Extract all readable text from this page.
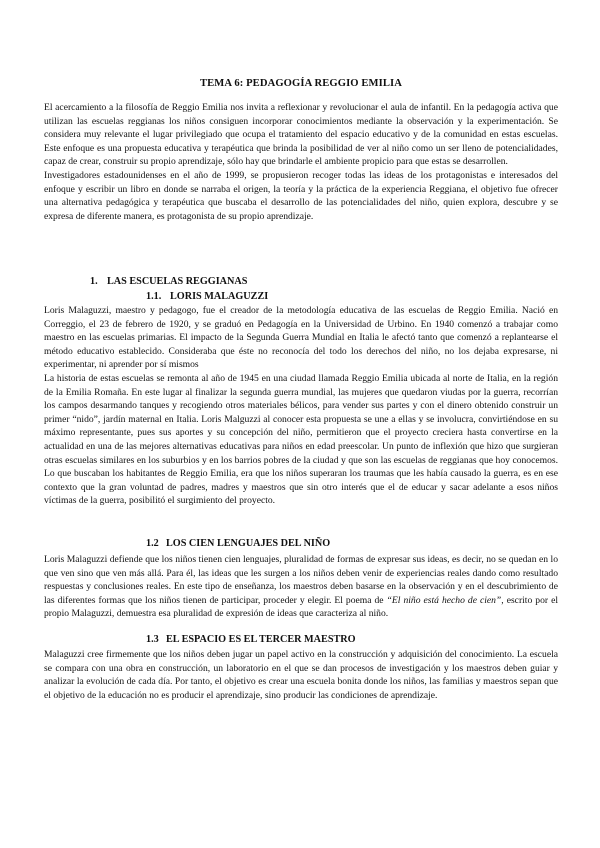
TEMA 6: PEDAGOGÍA REGGIO EMILIA

El acercamiento a la filosofía de Reggio Emilia nos invita a reflexionar y revolucionar el aula de infantil. En la pedagogía activa que utilizan las escuelas reggianas los niños consiguen incorporar conocimientos mediante la observación y la experimentación. Se considera muy relevante el lugar privilegiado que ocupa el tratamiento del espacio educativo y de la comunidad en estas escuelas. Este enfoque es una propuesta educativa y terapéutica que brinda la posibilidad de ver al niño como un ser lleno de potencialidades, capaz de crear, construir su propio aprendizaje, sólo hay que brindarle el ambiente propicio para que estas se desarrollen.

Investigadores estadounidenses en el año de 1999, se propusieron recoger todas las ideas de los protagonistas e interesados del enfoque y escribir un libro en donde se narraba el origen, la teoría y la práctica de la experiencia Reggiana, el objetivo fue ofrecer una alternativa pedagógica y terapéutica que buscaba el desarrollo de las potencialidades del niño, quien explora, descubre y se expresa de diferente manera, es protagonista de su propio aprendizaje.

1. LAS ESCUELAS REGGIANAS
1.1. LORIS MALAGUZZI

Loris Malaguzzi, maestro y pedagogo, fue el creador de la metodología educativa de las escuelas de Reggio Emilia. Nació en Correggio, el 23 de febrero de 1920, y se graduó en Pedagogía en la Universidad de Urbino. En 1940 comenzó a trabajar como maestro en las escuelas primarias. El impacto de la Segunda Guerra Mundial en Italia le afectó tanto que comenzó a replantearse el método educativo establecido. Consideraba que éste no reconocía del todo los derechos del niño, no los dejaba expresarse, ni experimentar, ni aprender por sí mismos

La historia de estas escuelas se remonta al año de 1945 en una ciudad llamada Reggio Emilia ubicada al norte de Italia, en la región de la Emilia Romaña. En este lugar al finalizar la segunda guerra mundial, las mujeres que quedaron viudas por la guerra, recorrían los campos desarmando tanques y recogiendo otros materiales bélicos, para vender sus partes y con el dinero obtenido construir un primer “nido”, jardín maternal en Italia. Loris Malguzzi al conocer esta propuesta se une a ellas y se involucra, convirtiéndose en su máximo representante, pues sus aportes y su concepción del niño, permitieron que el proyecto creciera hasta convertirse en la actualidad en una de las mejores alternativas educativas para niños en edad preescolar. Un punto de inflexión que hizo que surgieran otras escuelas similares en los suburbios y en los barrios pobres de la ciudad y que son las escuelas de reggianas que hoy conocemos. Lo que buscaban los habitantes de Reggio Emilia, era que los niños superaran los traumas que les había causado la guerra, es en ese contexto que la gran voluntad de padres, madres y maestros que sin otro interés que el de educar y sacar adelante a esos niños víctimas de la guerra, posibilitó el surgimiento del proyecto.

1.2 LOS CIEN LENGUAJES DEL NIÑO

Loris Malaguzzi defiende que los niños tienen cien lenguajes, pluralidad de formas de expresar sus ideas, es decir, no se quedan en lo que ven sino que ven más allá. Para él, las ideas que les surgen a los niños deben venir de experiencias reales dando como resultado respuestas y conclusiones reales. En este tipo de enseñanza, los maestros deben basarse en la observación y en el descubrimiento de las diferentes formas que los niños tienen de participar, proceder y elegir. El poema de “El niño está hecho de cien”, escrito por el propio Malaguzzi, demuestra esa pluralidad de expresión de ideas que caracteriza al niño.

1.3 EL ESPACIO ES EL TERCER MAESTRO

Malaguzzi cree firmemente que los niños deben jugar un papel activo en la construcción y adquisición del conocimiento. La escuela se compara con una obra en construcción, un laboratorio en el que se dan procesos de investigación y los maestros deben guiar y analizar la evolución de cada día. Por tanto, el objetivo es crear una escuela bonita donde los niños, las familias y maestros sepan que el objetivo de la educación no es producir el aprendizaje, sino producir las condiciones de aprendizaje.
